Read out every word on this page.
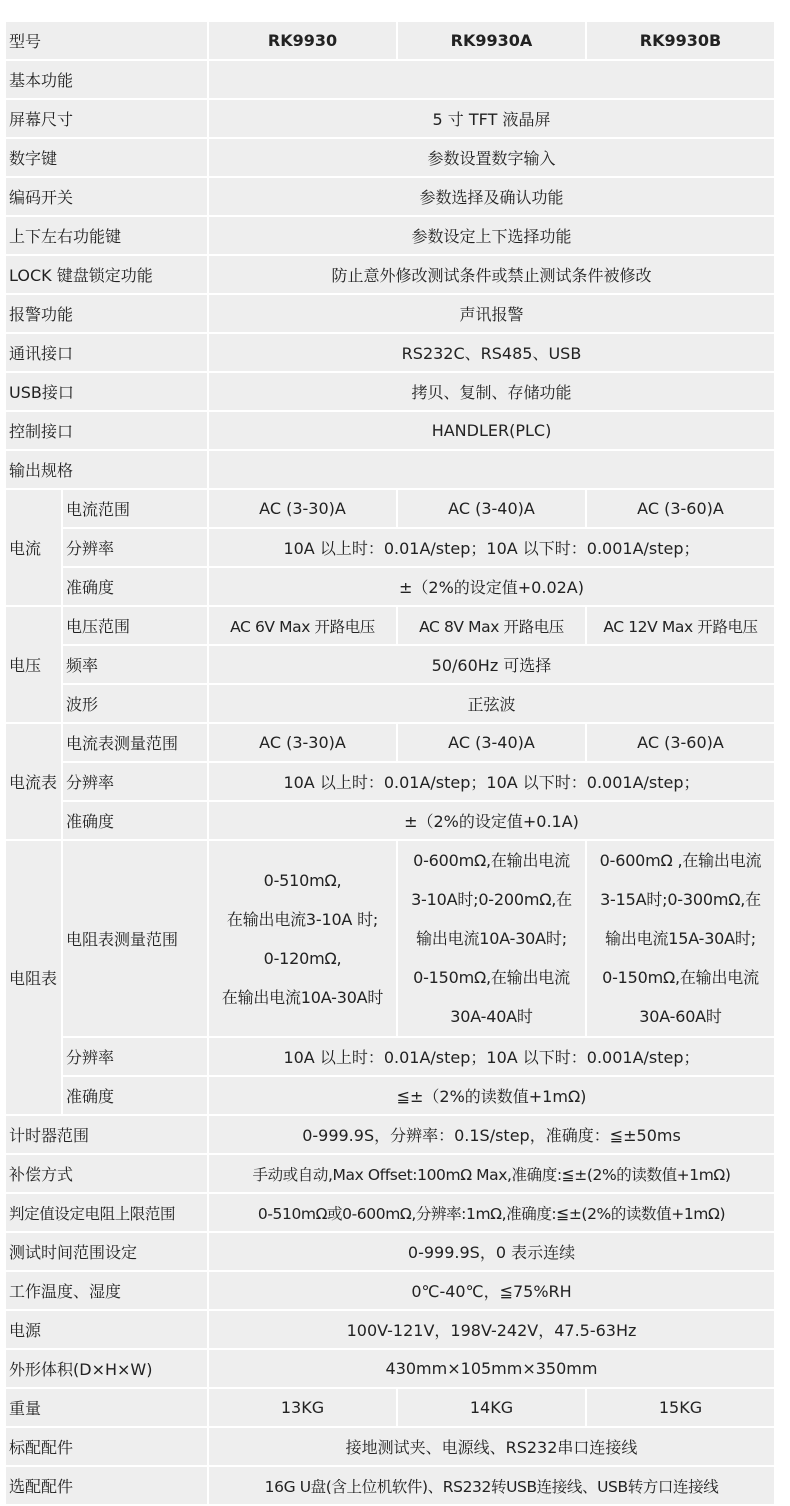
型号		RK9930	RK9930A	RK9930B
基本功能				
屏幕尺寸		5 寸 TFT 液晶屏		
数字键		参数设置数字输入		
编码开关		参数选择及确认功能		
上下左右功能键		参数设定上下选择功能		
LOCK 键盘锁定功能		防止意外修改测试条件或禁止测试条件被修改		
报警功能		声讯报警		
通讯接口		RS232C、RS485、USB		
USB接口		拷贝、复制、存储功能		
控制接口		HANDLER(PLC)		
输出规格				
电流	电流范围	AC (3-30)A	AC (3-40)A	AC (3-60)A
	分辨率	10A 以上时：0.01A/step；10A 以下时：0.001A/step；		
	准确度	±（2%的设定值+0.02A)		
电压	电压范围	AC 6V Max 开路电压	AC 8V Max 开路电压	AC 12V Max 开路电压
	频率	50/60Hz 可选择		
	波形	正弦波		
电流表	电流表测量范围	AC (3-30)A	AC (3-40)A	AC (3-60)A
	分辨率	10A 以上时：0.01A/step；10A 以下时：0.001A/step；		
	准确度	±（2%的设定值+0.1A)		
电阻表	电阻表测量范围	0-510mΩ,
在输出电流3-10A 时;
0-120mΩ,
在输出电流10A-30A时	0-600mΩ,在输出电流
3-10A时;0-200mΩ,在
输出电流10A-30A时;
0-150mΩ,在输出电流
30A-40A时	0-600mΩ ,在输出电流
3-15A时;0-300mΩ,在
输出电流15A-30A时;
0-150mΩ,在输出电流
30A-60A时

	分辨率	10A 以上时：0.01A/step；10A 以下时：0.001A/step；		
	准确度	≦±（2%的读数值+1mΩ)		
计时器范围		0-999.9S，分辨率：0.1S/step，准确度：≦±50ms		
补偿方式		手动或自动,Max Offset:100mΩ Max,准确度:≦±(2%的读数值+1mΩ)		
判定值设定电阻上限范围		0-510mΩ或0-600mΩ,分辨率:1mΩ,准确度:≦±(2%的读数值+1mΩ)		
测试时间范围设定		0-999.9S，0 表示连续		
工作温度、湿度		0℃-40℃，≦75%RH		
电源		100V-121V，198V-242V，47.5-63Hz		
外形体积(D×H×W)		430mm×105mm×350mm		
重量		13KG	14KG	15KG
标配配件		接地测试夹、电源线、RS232串口连接线		
选配配件		16G U盘(含上位机软件)、RS232转USB连接线、USB转方口连接线		
